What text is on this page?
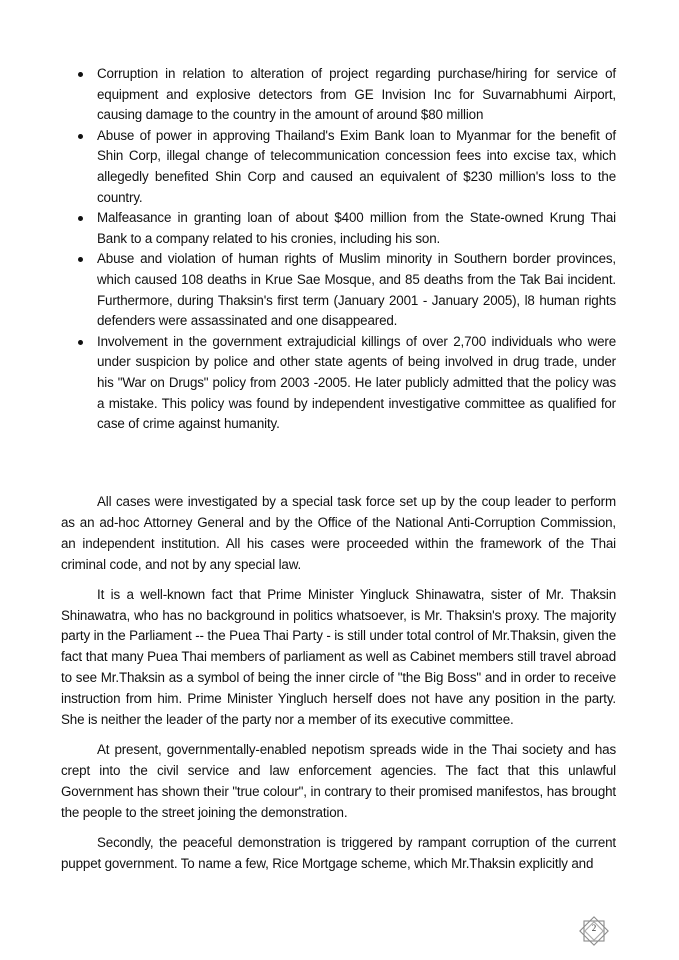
Corruption in relation to alteration of project regarding purchase/hiring for service of equipment and explosive detectors from GE Invision Inc for Suvarnabhumi Airport, causing damage to the country in the amount of around $80 million
Abuse of power in approving Thailand's Exim Bank loan to Myanmar for the benefit of Shin Corp, illegal change of telecommunication concession fees into excise tax, which allegedly benefited Shin Corp and caused an equivalent of $230 million's loss to the country.
Malfeasance in granting loan of about $400 million from the State-owned Krung Thai Bank to a company related to his cronies, including his son.
Abuse and violation of human rights of Muslim minority in Southern border provinces, which caused 108 deaths in Krue Sae Mosque, and 85 deaths from the Tak Bai incident. Furthermore, during Thaksin's first term (January 2001 - January 2005), l8 human rights defenders were assassinated and one disappeared.
Involvement in the government extrajudicial killings of over 2,700 individuals who were under suspicion by police and other state agents of being involved in drug trade, under his "War on Drugs" policy from 2003 -2005. He later publicly admitted that the policy was a mistake. This policy was found by independent investigative committee as qualified for case of crime against humanity.

All cases were investigated by a special task force set up by the coup leader to perform as an ad-hoc Attorney General and by the Office of the National Anti-Corruption Commission, an independent institution. All his cases were proceeded within the framework of the Thai criminal code, and not by any special law.

It is a well-known fact that Prime Minister Yingluck Shinawatra, sister of Mr. Thaksin Shinawatra, who has no background in politics whatsoever, is Mr. Thaksin's proxy. The majority party in the Parliament -- the Puea Thai Party - is still under total control of Mr.Thaksin, given the fact that many Puea Thai members of parliament as well as Cabinet members still travel abroad to see Mr.Thaksin as a symbol of being the inner circle of "the Big Boss" and in order to receive instruction from him. Prime Minister Yingluch herself does not have any position in the party. She is neither the leader of the party nor a member of its executive committee.

At present, governmentally-enabled nepotism spreads wide in the Thai society and has crept into the civil service and law enforcement agencies. The fact that this unlawful Government has shown their "true colour", in contrary to their promised manifestos, has brought the people to the street joining the demonstration.

Secondly, the peaceful demonstration is triggered by rampant corruption of the current puppet government. To name a few, Rice Mortgage scheme, which Mr.Thaksin explicitly and

2
